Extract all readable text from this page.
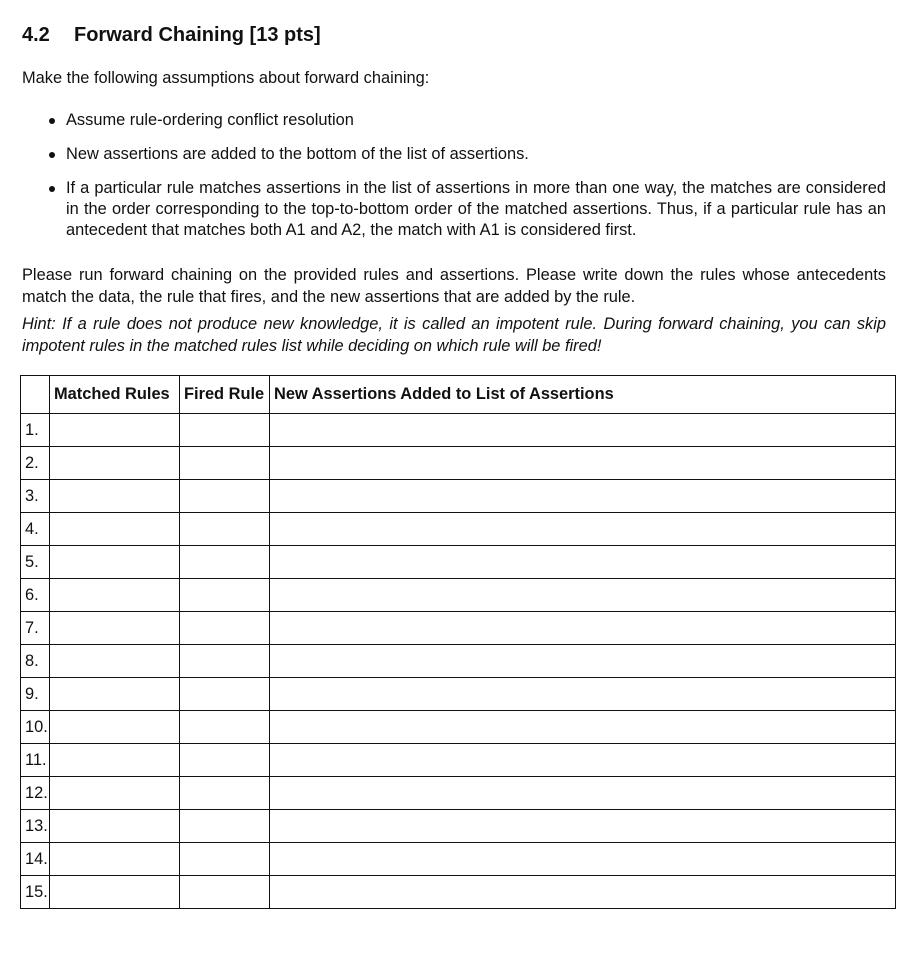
4.2 Forward Chaining [13 pts]
Make the following assumptions about forward chaining:
Assume rule-ordering conflict resolution
New assertions are added to the bottom of the list of assertions.
If a particular rule matches assertions in the list of assertions in more than one way, the matches are considered in the order corresponding to the top-to-bottom order of the matched assertions. Thus, if a particular rule has an antecedent that matches both A1 and A2, the match with A1 is considered first.

Please run forward chaining on the provided rules and assertions. Please write down the rules whose antecedents match the data, the rule that fires, and the new assertions that are added by the rule.

Hint: If a rule does not produce new knowledge, it is called an impotent rule. During forward chaining, you can skip impotent rules in the matched rules list while deciding on which rule will be fired!

	Matched Rules	Fired Rule	New Assertions Added to List of Assertions
1.			
2.			
3.			
4.			
5.			
6.			
7.			
8.			
9.			
10.			
11.			
12.			
13.			
14.			
15.			
